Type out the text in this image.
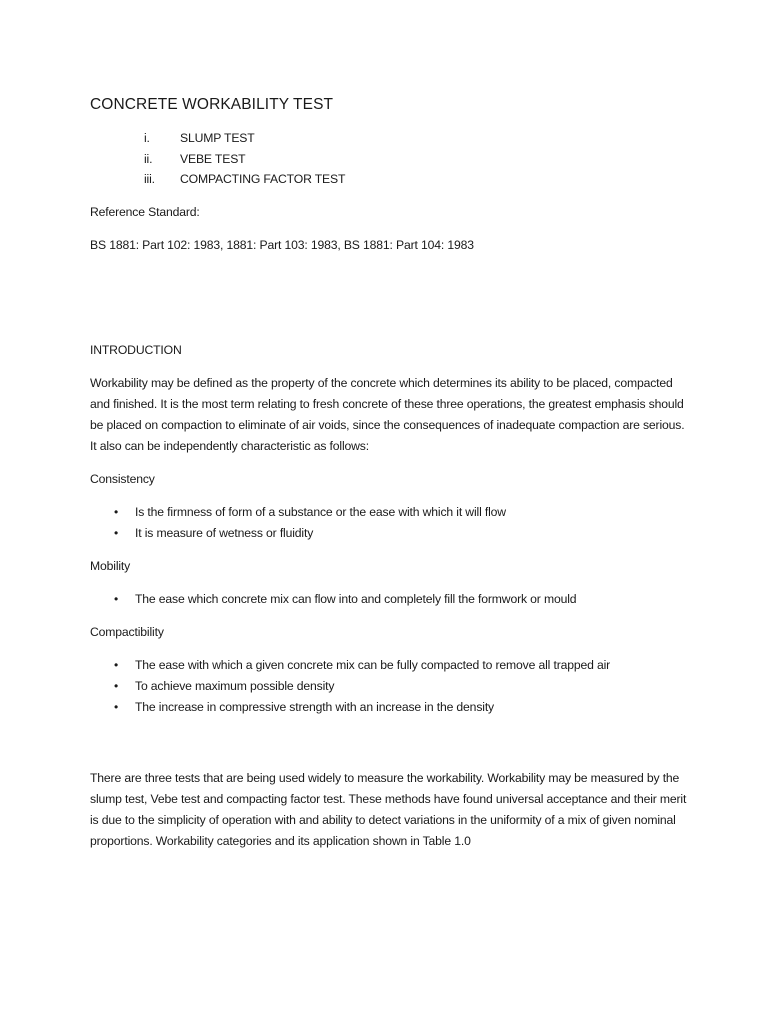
CONCRETE WORKABILITY TEST
i.	SLUMP TEST
ii.	VEBE TEST
iii.	COMPACTING FACTOR TEST

Reference Standard:

BS 1881: Part 102: 1983, 1881: Part 103: 1983, BS 1881: Part 104: 1983

INTRODUCTION

Workability may be defined as the property of the concrete which determines its ability to be placed, compacted and finished. It is the most term relating to fresh concrete of these three operations, the greatest emphasis should be placed on compaction to eliminate of air voids, since the consequences of inadequate compaction are serious. It also can be independently characteristic as follows:

Consistency

• Is the firmness of form of a substance or the ease with which it will flow
• It is measure of wetness or fluidity

Mobility

• The ease which concrete mix can flow into and completely fill the formwork or mould

Compactibility

• The ease with which a given concrete mix can be fully compacted to remove all trapped air
• To achieve maximum possible density
• The increase in compressive strength with an increase in the density

There are three tests that are being used widely to measure the workability. Workability may be measured by the slump test, Vebe test and compacting factor test. These methods have found universal acceptance and their merit is due to the simplicity of operation with and ability to detect variations in the uniformity of a mix of given nominal proportions. Workability categories and its application shown in Table 1.0
